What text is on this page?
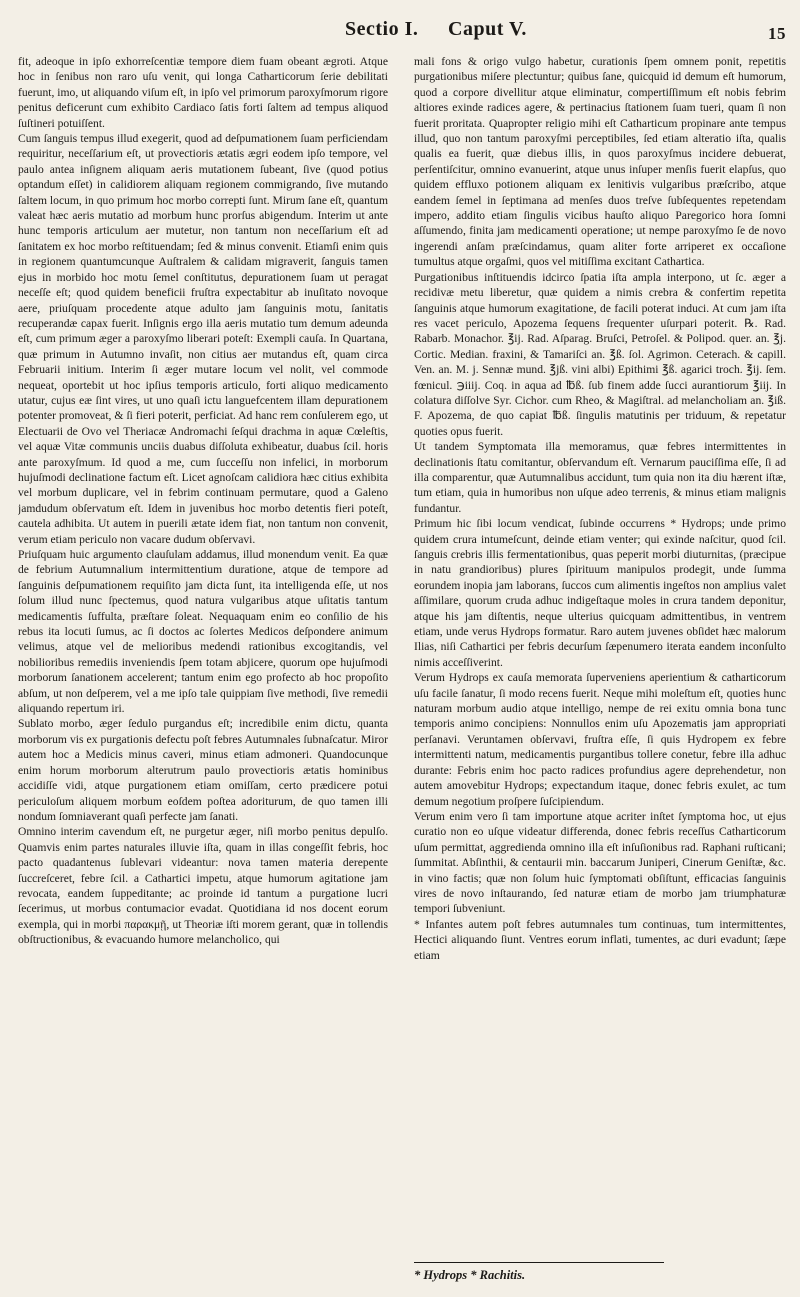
Sectio I. Caput V.	15
fit, adeoque in ipſo exhorreſcentiæ tempore diem fuam obeant ægroti. Atque hoc in ſenibus non raro uſu venit, qui longa Catharticorum ſerie debilitati fuerunt, imo, ut aliquando viſum eſt, in ipſo vel primorum paroxyſmorum rigore penitus deficerunt cum exhibito Cardiaco ſatis forti ſaltem ad tempus aliquod ſuſtineri potuiſſent.
Cum ſanguis tempus illud exegerit, quod ad deſpumationem ſuam perficiendam requiritur, neceſſarium eſt, ut provectioris ætatis ægri eodem ipſo tempore, vel paulo antea inſignem aliquam aeris mutationem ſubeant, ſive (quod potius optandum eſſet) in calidiorem aliquam regionem commigrando, ſive mutando ſaltem locum, in quo primum hoc morbo correpti ſunt. Mirum ſane eſt, quantum valeat hæc aeris mutatio ad morbum hunc prorſus abigendum. Interim ut ante hunc temporis articulum aer mutetur, non tantum non neceſſarium eſt ad ſanitatem ex hoc morbo reſtituendam; ſed & minus convenit. Etiamſi enim quis in regionem quantumcunque Auſtralem & calidam migraverit, ſanguis tamen ejus in morbido hoc motu ſemel conſtitutus, depurationem ſuam ut peragat neceſſe eſt; quod quidem beneficii fruſtra expectabitur ab inuſitato novoque aere, priuſquam procedente atque adulto jam ſanguinis motu, ſanitatis recuperandæ capax fuerit. Inſignis ergo illa aeris mutatio tum demum adeunda eſt, cum primum æger a paroxyſmo liberari poteſt: Exempli cauſa. In Quartana, quæ primum in Autumno invaſit, non citius aer mutandus eſt, quam circa Februarii initium. Interim ſi æger mutare locum vel nolit, vel commode nequeat, oportebit ut hoc ipſius temporis articulo, forti aliquo medicamento utatur, cujus eæ ſint vires, ut uno quaſi ictu languefcentem illam depurationem potenter promoveat, & ſi fieri poterit, perficiat. Ad hanc rem conſulerem ego, ut Electuarii de Ovo vel Theriacæ Andromachi ſeſqui drachma in aquæ Cœleſtis, vel aquæ Vitæ communis unciis duabus diſſoluta exhibeatur, duabus ſcil. horis ante paroxyſmum. Id quod a me, cum ſucceſſu non infelici, in morborum hujuſmodi declinatione factum eſt. Licet agnoſcam calidiora hæc citius exhibita vel morbum duplicare, vel in febrim continuam permutare, quod a Galeno jamdudum obſervatum eſt. Idem in juvenibus hoc morbo detentis fieri poteſt, cautela adhibita. Ut autem in puerili ætate idem fiat, non tantum non convenit, verum etiam periculo non vacare dudum obſervavi.
Priuſquam huic argumento clauſulam addamus, illud monendum venit. Ea quæ de febrium Autumnalium intermittentium duratione, atque de tempore ad ſanguinis deſpumationem requiſito jam dicta ſunt, ita intelligenda eſſe, ut nos ſolum illud nunc ſpectemus, quod natura vulgaribus atque uſitatis tantum medicamentis ſuffulta, præſtare ſoleat. Nequaquam enim eo conſilio de his rebus ita locuti ſumus, ac ſi doctos ac ſolertes Medicos deſpondere animum velimus, atque vel de melioribus medendi rationibus excogitandis, vel nobilioribus remediis inveniendis ſpem totam abjicere, quorum ope hujuſmodi morborum ſanationem accelerent; tantum enim ego profecto ab hoc propoſito abſum, ut non deſperem, vel a me ipſo tale quippiam ſive methodi, ſive remedii aliquando repertum iri.
Sublato morbo, æger ſedulo purgandus eſt; incredibile enim dictu, quanta morborum vis ex purgationis defectu poſt febres Autumnales ſubnaſcatur. Miror autem hoc a Medicis minus caveri, minus etiam admoneri. Quandocunque enim horum morborum alterutrum paulo provectioris ætatis hominibus accidiſſe vidi, atque purgationem etiam omiſſam, certo prædicere potui periculoſum aliquem morbum eoſdem poſtea adoriturum, de quo tamen illi nondum ſomniaverant quaſi perfecte jam ſanati.
Omnino interim cavendum eſt, ne purgetur æger, niſi morbo penitus depulſo. Quamvis enim partes naturales illuvie iſta, quam in illas congeſſit febris, hoc pacto quadantenus ſublevari videantur: nova tamen materia derepente ſuccreſceret, febre ſcil. a Cathartici impetu, atque humorum agitatione jam revocata, eandem ſuppeditante; ac proinde id tantum a purgatione lucri ſecerimus, ut morbus contumacior evadat. Quotidiana id nos docent eorum exempla, qui in morbi παρακμῇ, ut Theoriæ iſti morem gerant, quæ in tollendis obſtructionibus, & evacuando humore melancholico, qui
mali fons & origo vulgo habetur, curationis ſpem omnem ponit, repetitis purgationibus miſere plectuntur; quibus ſane, quicquid id demum eſt humorum, quod a corpore divellitur atque eliminatur, compertiſſimum eſt nobis febrim altiores exinde radices agere, & pertinacius ſtationem ſuam tueri, quam ſi non fuerit proritata. Quapropter religio mihi eſt Catharticum propinare ante tempus illud, quo non tantum paroxyſmi perceptibiles, ſed etiam alteratio iſta, qualis qualis ea fuerit, quæ diebus illis, in quos paroxyſmus incidere debuerat, perſentiſcitur, omnino evanuerint, atque unus inſuper menſis fuerit elapſus, quo quidem effluxo potionem aliquam ex lenitivis vulgaribus præſcribo, atque eandem ſemel in ſeptimana ad menſes duos treſve ſubſequentes repetendam impero, addito etiam ſingulis vicibus hauſto aliquo Paregorico hora ſomni aſſumendo, finita jam medicamenti operatione; ut nempe paroxyſmo ſe de novo ingerendi anſam præſcindamus, quam aliter forte arriperet ex occaſione tumultus atque orgaſmi, quos vel mitiſſima excitant Cathartica.
Purgationibus inſtituendis idcirco ſpatia iſta ampla interpono, ut ſc. æger a recidivæ metu liberetur, quæ quidem a nimis crebra & confertim repetita ſanguinis atque humorum exagitatione, de facili poterat induci. At cum jam iſta res vacet periculo, Apozema ſequens ſrequenter uſurpari poterit. ℞. Rad. Rabarb. Monachor. ℥ij. Rad. Aſparag. Bruſci, Petroſel. & Polipod. quer. an. ℥j. Cortic. Median. fraxini, & Tamariſci an. ℥ß. ſol. Agrimon. Ceterach. & capill. Ven. an. M. j. Sennæ mund. ℥jß. vini albi) Epithimi ℥ß. agarici troch. ℥ij. ſem. fœnicul. ℈iiij. Coq. in aqua ad ℔ß. ſub finem adde ſucci aurantiorum ℥iij. In colatura diſſolve Syr. Cichor. cum Rheo, & Magiſtral. ad melancholiam an. ℥iß. F. Apozema, de quo capiat ℔ß. ſingulis matutinis per triduum, & repetatur quoties opus fuerit.
Ut tandem Symptomata illa memoramus, quæ febres intermittentes in declinationis ſtatu comitantur, obſervandum eſt. Vernarum pauciſſima eſſe, ſi ad illa comparentur, quæ Autumnalibus accidunt, tum quia non ita diu hærent iſtæ, tum etiam, quia in humoribus non uſque adeo terrenis, & minus etiam malignis fundantur.
Primum hic ſibi locum vendicat, ſubinde occurrens * Hydrops; unde primo quidem crura intumeſcunt, deinde etiam venter; qui exinde naſcitur, quod ſcil. ſanguis crebris illis fermentationibus, quas peperit morbi diuturnitas, (præcipue in natu grandioribus) plures ſpirituum manipulos prodegit, unde ſumma eorundem inopia jam laborans, ſuccos cum alimentis ingeſtos non amplius valet aſſimilare, quorum cruda adhuc indigeſtaque moles in crura tandem deponitur, atque his jam diſtentis, neque ulterius quicquam admittentibus, in ventrem etiam, unde verus Hydrops formatur. Raro autem juvenes obſidet hæc malorum Ilias, niſi Cathartici per febris decurſum ſæpenumero iterata eandem inconſulto nimis acceſſiverint.
Verum Hydrops ex cauſa memorata ſuperveniens aperientium & catharticorum uſu facile ſanatur, ſi modo recens fuerit. Neque mihi moleſtum eſt, quoties hunc naturam morbum audio atque intelligo, nempe de rei exitu omnia bona tunc temporis animo concipiens: Nonnullos enim uſu Apozematis jam appropriati perſanavi. Veruntamen obſervavi, fruſtra eſſe, ſi quis Hydropem ex febre intermittenti natum, medicamentis purgantibus tollere conetur, febre illa adhuc durante: Febris enim hoc pacto radices profundius agere deprehendetur, non autem amovebitur Hydrops; expectandum itaque, donec febris exulet, ac tum demum negotium proſpere ſuſcipiendum.
Verum enim vero ſi tam importune atque acriter inſtet ſymptoma hoc, ut ejus curatio non eo uſque videatur differenda, donec febris receſſus Catharticorum uſum permittat, aggredienda omnino illa eſt inſuſionibus rad. Raphani ruſticani; ſummitat. Abſinthii, & centaurii min. baccarum Juniperi, Cinerum Geniſtæ, &c. in vino factis; quæ non ſolum huic ſymptomati obſiſtunt, efficacias ſanguinis vires de novo inſtaurando, ſed naturæ etiam de morbo jam triumphaturæ tempori ſubveniunt.
* Infantes autem poſt febres autumnales tum continuas, tum intermittentes, Hectici aliquando ſiunt. Ventres eorum inflati, tumentes, ac duri evadunt; ſæpe etiam
* Hydrops * Rachitis.
